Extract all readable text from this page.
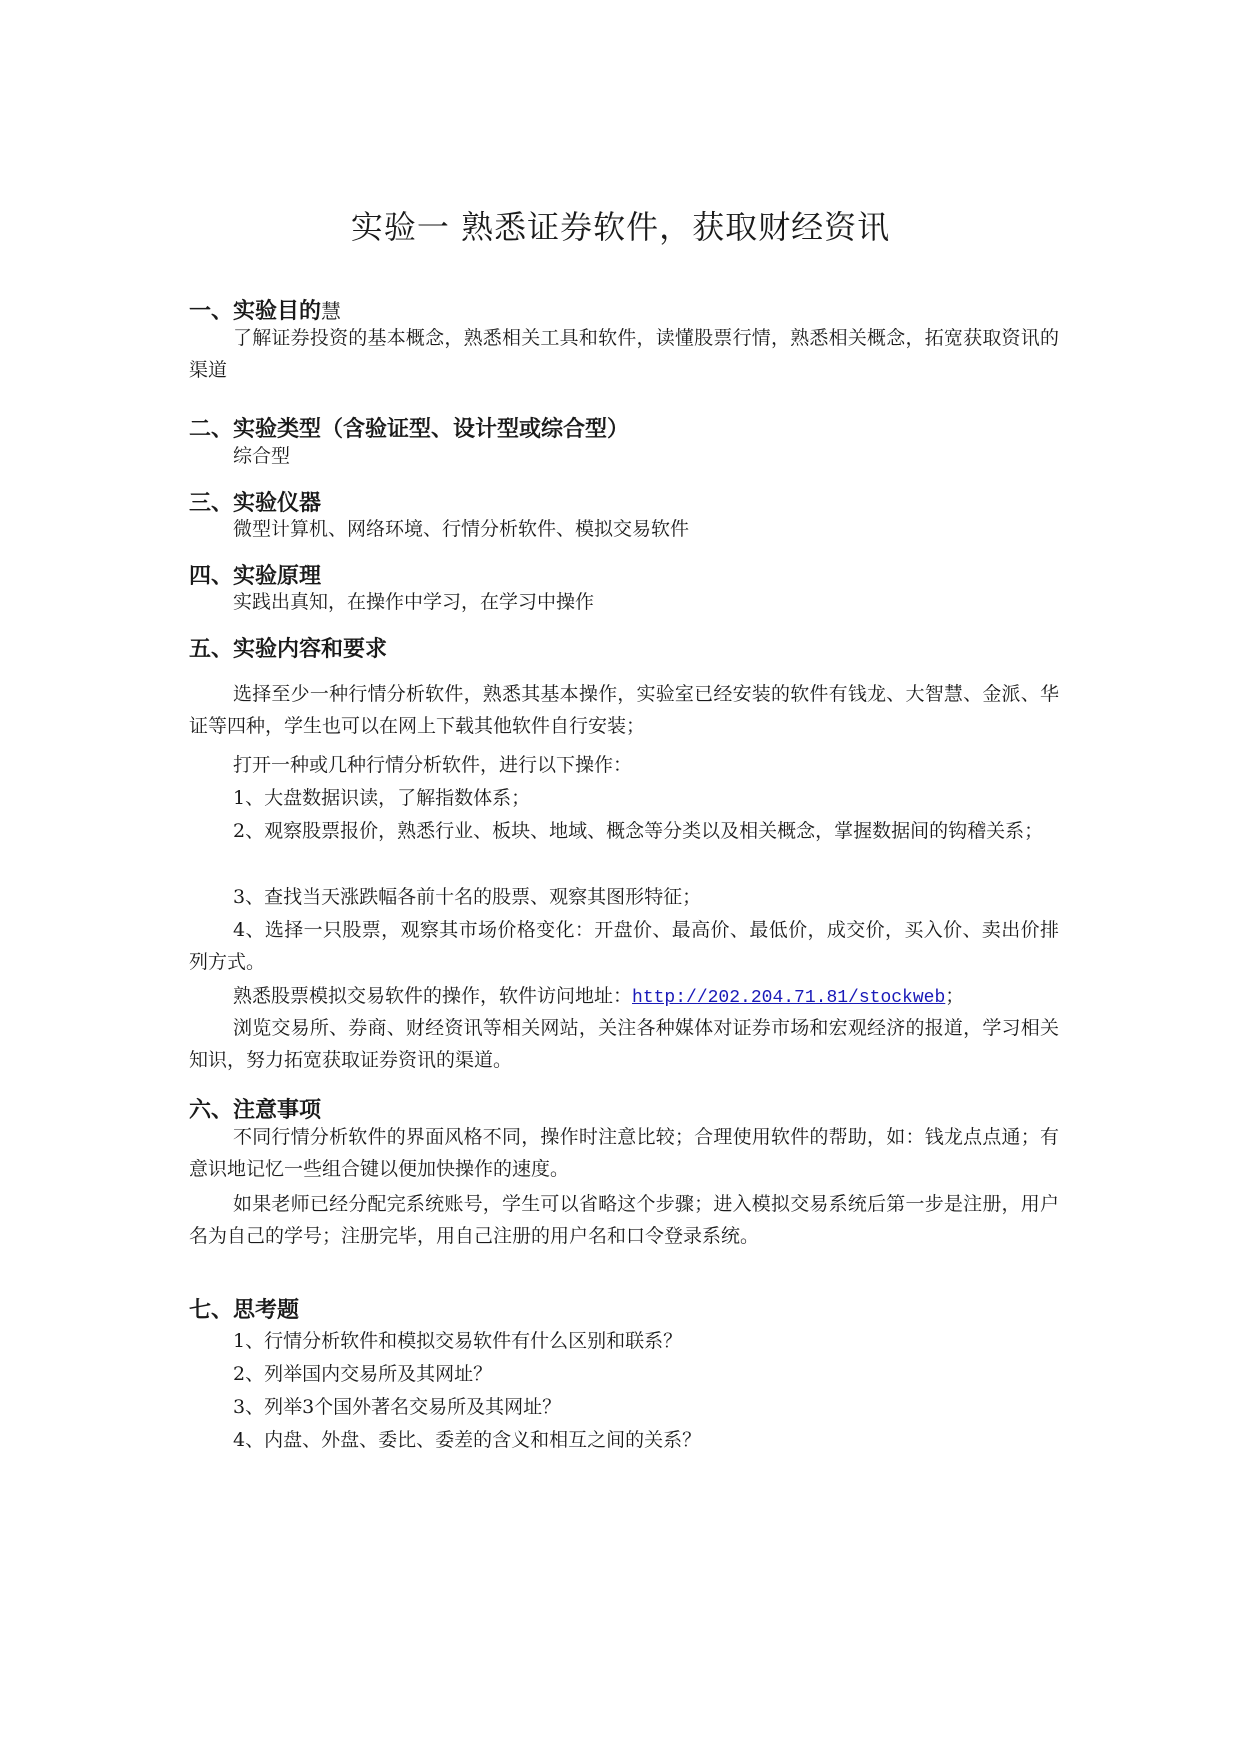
实验一 熟悉证券软件，获取财经资讯
一、实验目的慧
了解证券投资的基本概念，熟悉相关工具和软件，读懂股票行情，熟悉相关概念，拓宽获取资讯的渠道
二、实验类型（含验证型、设计型或综合型）
综合型
三、实验仪器
微型计算机、网络环境、行情分析软件、模拟交易软件
四、实验原理
实践出真知，在操作中学习，在学习中操作
五、实验内容和要求
选择至少一种行情分析软件，熟悉其基本操作，实验室已经安装的软件有钱龙、大智慧、金派、华证等四种，学生也可以在网上下载其他软件自行安装；
打开一种或几种行情分析软件，进行以下操作：
1、大盘数据识读，了解指数体系；
2、观察股票报价，熟悉行业、板块、地域、概念等分类以及相关概念，掌握数据间的钩稽关系；
3、查找当天涨跌幅各前十名的股票、观察其图形特征；
4、选择一只股票，观察其市场价格变化：开盘价、最高价、最低价，成交价，买入价、卖出价排列方式。
熟悉股票模拟交易软件的操作，软件访问地址：http://202.204.71.81/stockweb；
浏览交易所、券商、财经资讯等相关网站，关注各种媒体对证券市场和宏观经济的报道，学习相关知识，努力拓宽获取证券资讯的渠道。
六、注意事项
不同行情分析软件的界面风格不同，操作时注意比较；合理使用软件的帮助，如：钱龙点点通；有意识地记忆一些组合键以便加快操作的速度。
如果老师已经分配完系统账号，学生可以省略这个步骤；进入模拟交易系统后第一步是注册，用户名为自己的学号；注册完毕，用自己注册的用户名和口令登录系统。
七、思考题
1、行情分析软件和模拟交易软件有什么区别和联系？
2、列举国内交易所及其网址？
3、列举3个国外著名交易所及其网址？
4、内盘、外盘、委比、委差的含义和相互之间的关系？
